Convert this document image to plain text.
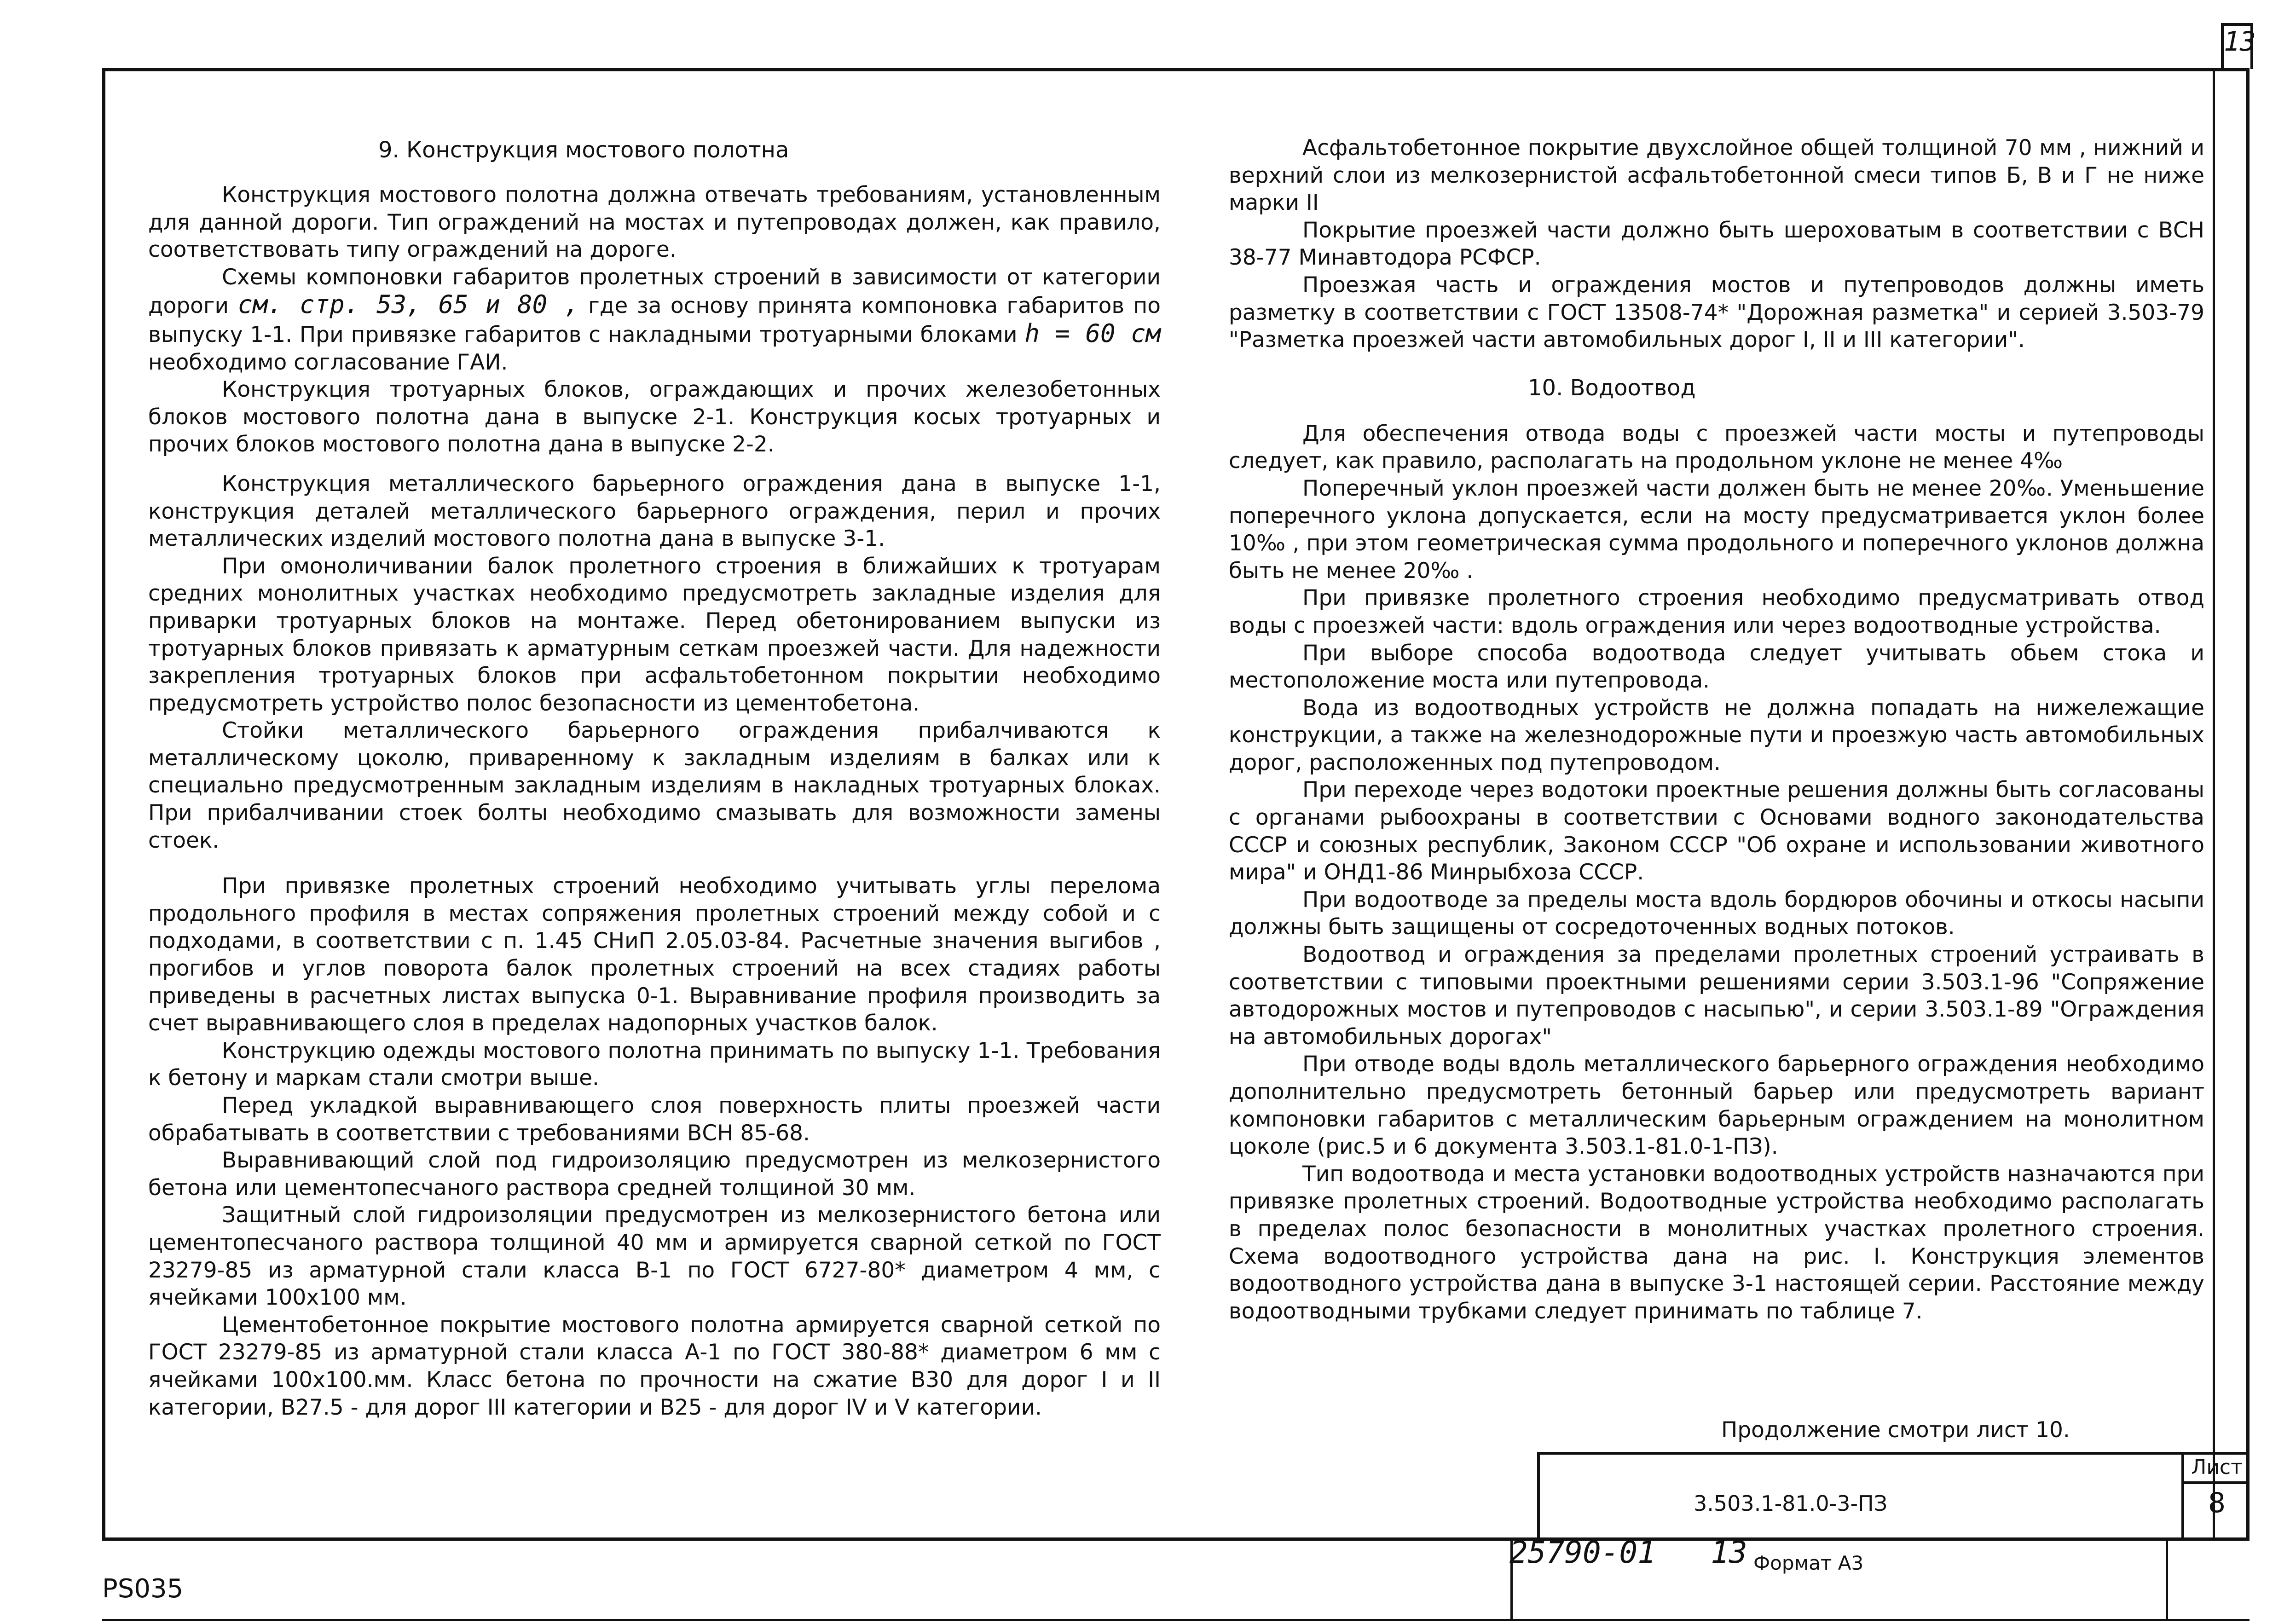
13
9. Конструкция мостового полотна

Конструкция мостового полотна должна отвечать требованиям, установленным для данной дороги. Тип ограждений на мостах и путепроводах должен, как правило, соответствовать типу ограждений на дороге.

Схемы компоновки габаритов пролетных строений в зависимости от категории дороги см. стр. 53, 65 и 80 , где за основу принята компоновка габаритов по выпуску 1-1. При привязке габаритов с накладными тротуарными блоками h = 60 см необходимо согласование ГАИ.

Конструкция тротуарных блоков, ограждающих и прочих железобетонных блоков мостового полотна дана в выпуске 2-1. Конструкция косых тротуарных и прочих блоков мостового полотна дана в выпуске 2-2.

Конструкция металлического барьерного ограждения дана в выпуске 1-1, конструкция деталей металлического барьерного ограждения, перил и прочих металлических изделий мостового полотна дана в выпуске 3-1.

При омоноличивании балок пролетного строения в ближайших к тротуарам средних монолитных участках необходимо предусмотреть закладные изделия для приварки тротуарных блоков на монтаже. Перед обетонированием выпуски из тротуарных блоков привязать к арматурным сеткам проезжей части. Для надежности закрепления тротуарных блоков при асфальтобетонном покрытии необходимо предусмотреть устройство полос безопасности из цементобетона.

Стойки металлического барьерного ограждения прибалчиваются к металлическому цоколю, приваренному к закладным изделиям в балках или к специально предусмотренным закладным изделиям в накладных тротуарных блоках. При прибалчивании стоек болты необходимо смазывать для возможности замены стоек.

При привязке пролетных строений необходимо учитывать углы перелома продольного профиля в местах сопряжения пролетных строений между собой и с подходами, в соответствии с п. 1.45 СНиП 2.05.03-84. Расчетные значения выгибов , прогибов и углов поворота балок пролетных строений на всех стадиях работы приведены в расчетных листах выпуска 0-1. Выравнивание профиля производить за счет выравнивающего слоя в пределах надопорных участков балок.

Конструкцию одежды мостового полотна принимать по выпуску 1-1. Требования к бетону и маркам стали смотри выше.

Перед укладкой выравнивающего слоя поверхность плиты проезжей части обрабатывать в соответствии с требованиями ВСН 85-68.

Выравнивающий слой под гидроизоляцию предусмотрен из мелкозернистого бетона или цементопесчаного раствора средней толщиной 30 мм.

Защитный слой гидроизоляции предусмотрен из мелкозернистого бетона или цементопесчаного раствора толщиной 40 мм и армируется сварной сеткой по ГОСТ 23279-85 из арматурной стали класса В-1 по ГОСТ 6727-80* диаметром 4 мм, с ячейками 100х100 мм.

Цементобетонное покрытие мостового полотна армируется сварной сеткой по ГОСТ 23279-85 из арматурной стали класса А-1 по ГОСТ 380-88* диаметром 6 мм с ячейками 100х100.мм. Класс бетона по прочности на сжатие В30 для дорог I и II категории, В27.5 - для дорог III категории и В25 - для дорог IV и V категории.

Асфальтобетонное покрытие двухслойное общей толщиной 70 мм , нижний и верхний слои из мелкозернистой асфальтобетонной смеси типов Б, В и Г не ниже марки II

Покрытие проезжей части должно быть шероховатым в соответствии с ВСН 38-77 Минавтодора РСФСР.

Проезжая часть и ограждения мостов и путепроводов должны иметь разметку в соответствии с ГОСТ 13508-74* "Дорожная разметка" и серией 3.503-79 "Разметка проезжей части автомобильных дорог I, II и III категории".

10. Водоотвод

Для обеспечения отвода воды с проезжей части мосты и путепроводы следует, как правило, располагать на продольном уклоне не менее 4‰

Поперечный уклон проезжей части должен быть не менее 20‰. Уменьшение поперечного уклона допускается, если на мосту предусматривается уклон более 10‰ , при этом геометрическая сумма продольного и поперечного уклонов должна быть не менее 20‰ .

При привязке пролетного строения необходимо предусматривать отвод воды с проезжей части: вдоль ограждения или через водоотводные устройства.

При выборе способа водоотвода следует учитывать обьем стока и местоположение моста или путепровода.

Вода из водоотводных устройств не должна попадать на нижележащие конструкции, а также на железнодорожные пути и проезжую часть автомобильных дорог, расположенных под путепроводом.

При переходе через водотоки проектные решения должны быть согласованы с органами рыбоохраны в соответствии с Основами водного законодательства СССР и союзных республик, Законом СССР "Об охране и использовании животного мира" и ОНД1-86 Минрыбхоза СССР.

При водоотводе за пределы моста вдоль бордюров обочины и откосы насыпи должны быть защищены от сосредоточенных водных потоков.

Водоотвод и ограждения за пределами пролетных строений устраивать в соответствии с типовыми проектными решениями серии 3.503.1-96 "Сопряжение автодорожных мостов и путепроводов с насыпью", и серии 3.503.1-89 "Ограждения на автомобильных дорогах"

При отводе воды вдоль металлического барьерного ограждения необходимо дополнительно предусмотреть бетонный барьер или предусмотреть вариант компоновки габаритов с металлическим барьерным ограждением на монолитном цоколе (рис.5 и 6 документа 3.503.1-81.0-1-ПЗ).

Тип водоотвода и места установки водоотводных устройств назначаются при привязке пролетных строений. Водоотводные устройства необходимо располагать в пределах полос безопасности в монолитных участках пролетного строения. Схема водоотводного устройства дана на рис. I. Конструкция элементов водоотводного устройства дана в выпуске 3-1 настоящей серии. Расстояние между водоотводными трубками следует принимать по таблице 7.

Продолжение смотри лист 10.
3.503.1-81.0-3-ПЗ
Лист
8
25790-01   13 Формат А3
PS035
